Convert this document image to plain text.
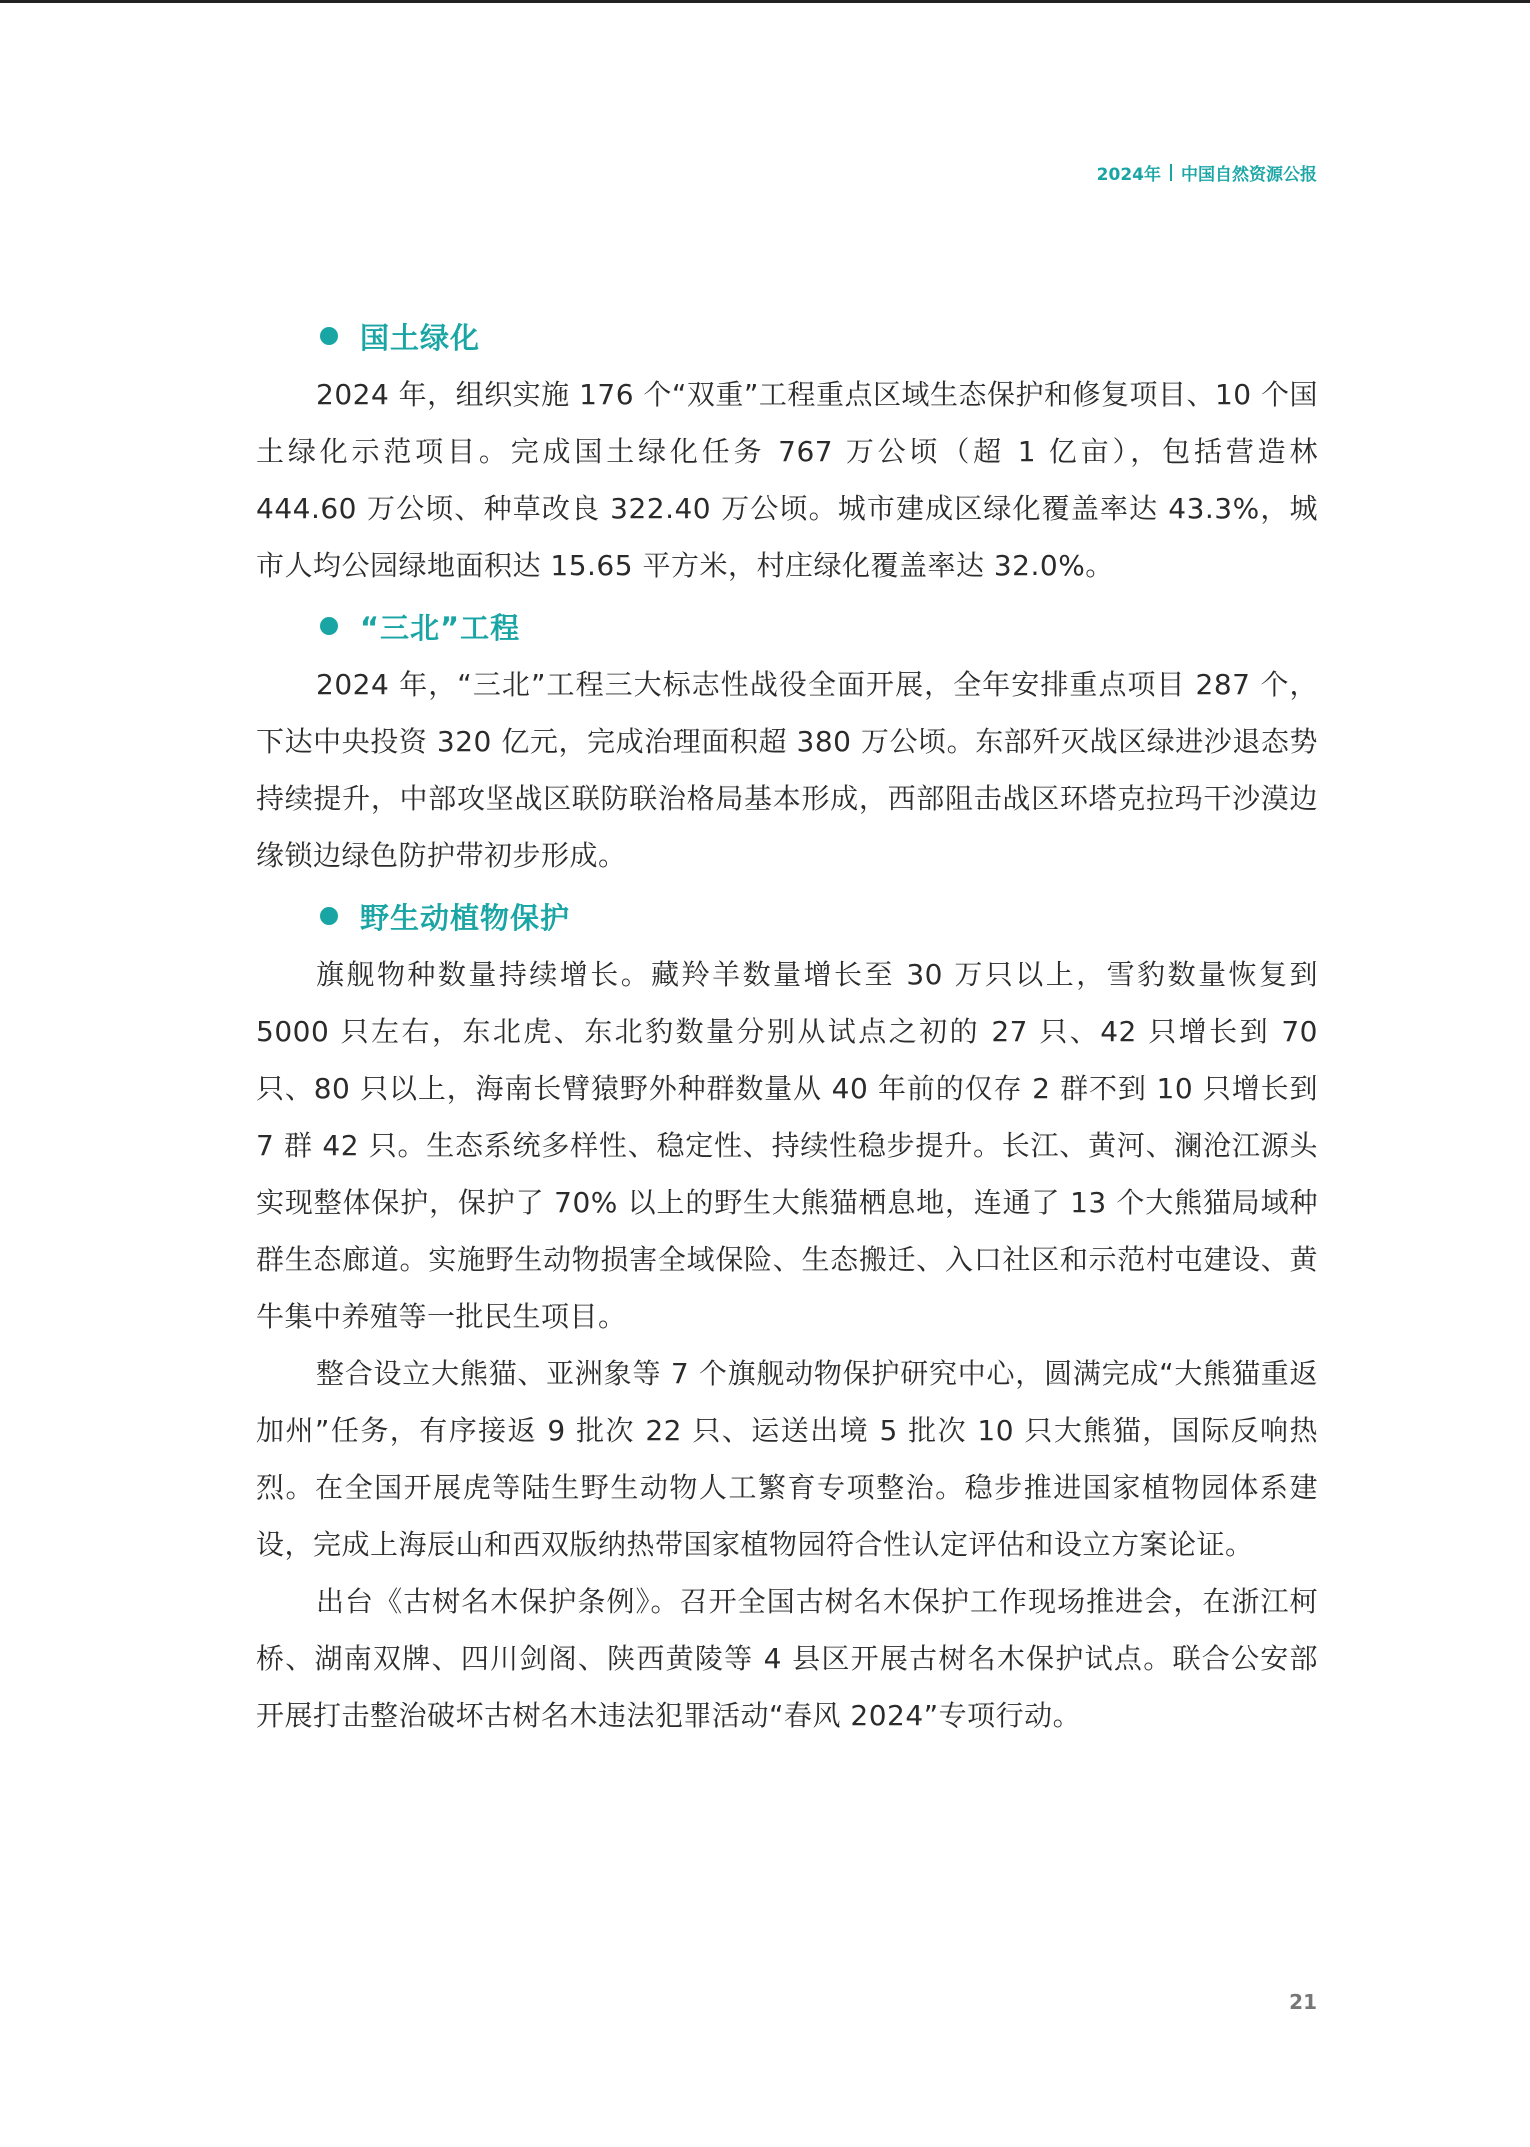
2024年 中国自然资源公报
国土绿化

2024 年，组织实施 176 个“双重”工程重点区域生态保护和修复项目、10 个国土绿化示范项目。完成国土绿化任务 767 万公顷（超 1 亿亩），包括营造林 444.60 万公顷、种草改良 322.40 万公顷。城市建成区绿化覆盖率达 43.3%，城市人均公园绿地面积达 15.65 平方米，村庄绿化覆盖率达 32.0%。

“三北”工程

2024 年，“三北”工程三大标志性战役全面开展，全年安排重点项目 287 个，下达中央投资 320 亿元，完成治理面积超 380 万公顷。东部歼灭战区绿进沙退态势持续提升，中部攻坚战区联防联治格局基本形成，西部阻击战区环塔克拉玛干沙漠边缘锁边绿色防护带初步形成。

野生动植物保护

旗舰物种数量持续增长。藏羚羊数量增长至 30 万只以上，雪豹数量恢复到 5000 只左右，东北虎、东北豹数量分别从试点之初的 27 只、42 只增长到 70 只、80 只以上，海南长臂猿野外种群数量从 40 年前的仅存 2 群不到 10 只增长到 7 群 42 只。生态系统多样性、稳定性、持续性稳步提升。长江、黄河、澜沧江源头实现整体保护，保护了 70% 以上的野生大熊猫栖息地，连通了 13 个大熊猫局域种群生态廊道。实施野生动物损害全域保险、生态搬迁、入口社区和示范村屯建设、黄牛集中养殖等一批民生项目。

整合设立大熊猫、亚洲象等 7 个旗舰动物保护研究中心，圆满完成“大熊猫重返加州”任务，有序接返 9 批次 22 只、运送出境 5 批次 10 只大熊猫，国际反响热烈。在全国开展虎等陆生野生动物人工繁育专项整治。稳步推进国家植物园体系建设，完成上海辰山和西双版纳热带国家植物园符合性认定评估和设立方案论证。

出台《古树名木保护条例》。召开全国古树名木保护工作现场推进会，在浙江柯桥、湖南双牌、四川剑阁、陕西黄陵等 4 县区开展古树名木保护试点。联合公安部开展打击整治破坏古树名木违法犯罪活动“春风 2024”专项行动。

21
